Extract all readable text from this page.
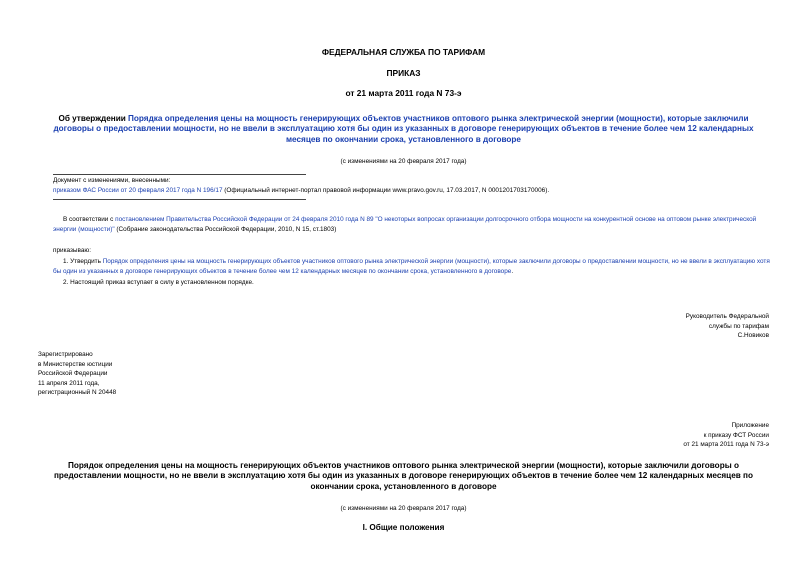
ФЕДЕРАЛЬНАЯ СЛУЖБА ПО ТАРИФАМ
ПРИКАЗ
от 21 марта 2011 года N 73-э
Об утверждении Порядка определения цены на мощность генерирующих объектов участников оптового рынка электрической энергии (мощности), которые заключили договоры о предоставлении мощности, но не ввели в эксплуатацию хотя бы один из указанных в договоре генерирующих объектов в течение более чем 12 календарных месяцев по окончании срока, установленного в договоре
(с изменениями на 20 февраля 2017 года)
Документ с изменениями, внесенными:
приказом ФАС России от 20 февраля 2017 года N 196/17 (Официальный интернет-портал правовой информации www.pravo.gov.ru, 17.03.2017, N 0001201703170006).
В соответствии с постановлением Правительства Российской Федерации от 24 февраля 2010 года N 89 "О некоторых вопросах организации долгосрочного отбора мощности на конкурентной основе на оптовом рынке электрической энергии (мощности)" (Собрание законодательства Российской Федерации, 2010, N 15, ст.1803)
приказываю:
1. Утвердить Порядок определения цены на мощность генерирующих объектов участников оптового рынка электрической энергии (мощности), которые заключили договоры о предоставлении мощности, но не ввели в эксплуатацию хотя бы один из указанных в договоре генерирующих объектов в течение более чем 12 календарных месяцев по окончании срока, установленного в договоре.
2. Настоящий приказ вступает в силу в установленном порядке.
Руководитель Федеральной
службы по тарифам
С.Новиков
Зарегистрировано
в Министерстве юстиции
Российской Федерации
11 апреля 2011 года,
регистрационный N 20448
Приложение
к приказу ФСТ России
от 21 марта 2011 года N 73-э
Порядок определения цены на мощность генерирующих объектов участников оптового рынка электрической энергии (мощности), которые заключили договоры о предоставлении мощности, но не ввели в эксплуатацию хотя бы один из указанных в договоре генерирующих объектов в течение более чем 12 календарных месяцев по окончании срока, установленного в договоре
(с изменениями на 20 февраля 2017 года)
I. Общие положения
